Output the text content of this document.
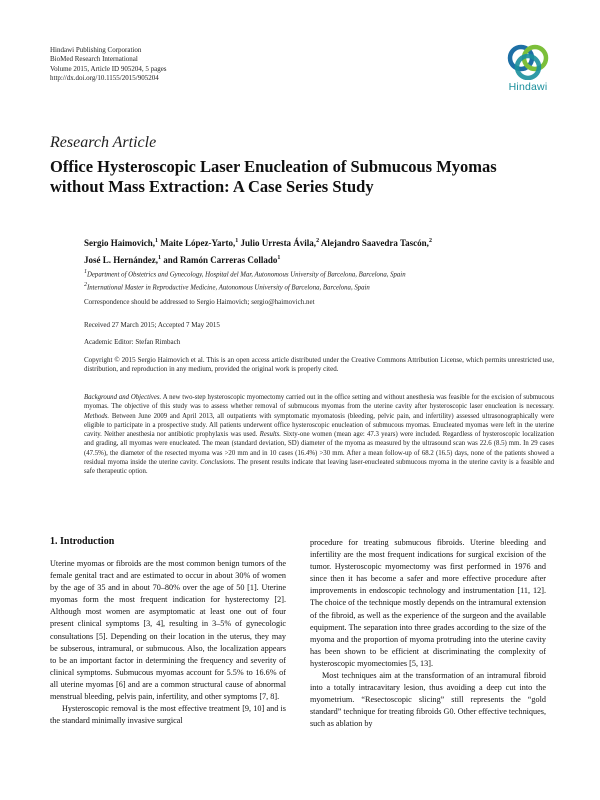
Hindawi Publishing Corporation
BioMed Research International
Volume 2015, Article ID 905204, 5 pages
http://dx.doi.org/10.1155/2015/905204
Hindawi
Research Article
Office Hysteroscopic Laser Enucleation of Submucous Myomas
without Mass Extraction: A Case Series Study
Sergio Haimovich,$^1$ Maite López-Yarto,$^1$ Julio Urresta Ávila,$^2$ Alejandro Saavedra Tascón,$^2$
José L. Hernández,$^1$ and Ramón Carreras Collado$^1$
$^1$Department of Obstetrics and Gynecology, Hospital del Mar, Autonomous University of Barcelona, Barcelona, Spain
$^2$International Master in Reproductive Medicine, Autonomous University of Barcelona, Barcelona, Spain
Correspondence should be addressed to Sergio Haimovich; sergio@haimovich.net
Received 27 March 2015; Accepted 7 May 2015
Academic Editor: Stefan Rimbach
Copyright © 2015 Sergio Haimovich et al. This is an open access article distributed under the Creative Commons Attribution License, which permits unrestricted use, distribution, and reproduction in any medium, provided the original work is properly cited.
Background and Objectives. A new two-step hysteroscopic myomectomy carried out in the office setting and without anesthesia was feasible for the excision of submucous myomas. The objective of this study was to assess whether removal of submucous myomas from the uterine cavity after hysteroscopic laser enucleation is necessary. Methods. Between June 2009 and April 2013, all outpatients with symptomatic myomatosis (bleeding, pelvic pain, and infertility) assessed ultrasonographically were eligible to participate in a prospective study. All patients underwent office hysteroscopic enucleation of submucous myomas. Enucleated myomas were left in the uterine cavity. Neither anesthesia nor antibiotic prophylaxis was used. Results. Sixty-one women (mean age: 47.3 years) were included. Regardless of hysteroscopic localization and grading, all myomas were enucleated. The mean (standard deviation, SD) diameter of the myoma as measured by the ultrasound scan was 22.6 (8.5) mm. In 29 cases (47.5%), the diameter of the resected myoma was >20 mm and in 10 cases (16.4%) >30 mm. After a mean follow-up of 68.2 (16.5) days, none of the patients showed a residual myoma inside the uterine cavity. Conclusions. The present results indicate that leaving laser-enucleated submucous myoma in the uterine cavity is a feasible and safe therapeutic option.
1. Introduction

Uterine myomas or fibroids are the most common benign tumors of the female genital tract and are estimated to occur in about 30% of women by the age of 35 and in about 70–80% over the age of 50 [1]. Uterine myomas form the most frequent indication for hysterectomy [2]. Although most women are asymptomatic at least one out of four present clinical symptoms [3, 4], resulting in 3–5% of gynecologic consultations [5]. Depending on their location in the uterus, they may be subserous, intramural, or submucous. Also, the localization appears to be an important factor in determining the frequency and severity of clinical symptoms. Submucous myomas account for 5.5% to 16.6% of all uterine myomas [6] and are a common structural cause of abnormal menstrual bleeding, pelvis pain, infertility, and other symptoms [7, 8].

Hysteroscopic removal is the most effective treatment [9, 10] and is the standard minimally invasive surgical

procedure for treating submucous fibroids. Uterine bleeding and infertility are the most frequent indications for surgical excision of the tumor. Hysteroscopic myomectomy was first performed in 1976 and since then it has become a safer and more effective procedure after improvements in endoscopic technology and instrumentation [11, 12]. The choice of the technique mostly depends on the intramural extension of the fibroid, as well as the experience of the surgeon and the available equipment. The separation into three grades according to the size of the myoma and the proportion of myoma protruding into the uterine cavity has been shown to be efficient at discriminating the complexity of hysteroscopic myomectomies [5, 13].

Most techniques aim at the transformation of an intramural fibroid into a totally intracavitary lesion, thus avoiding a deep cut into the myometrium. “Resectoscopic slicing” still represents the “gold standard” technique for treating fibroids G0. Other effective techniques, such as ablation by
